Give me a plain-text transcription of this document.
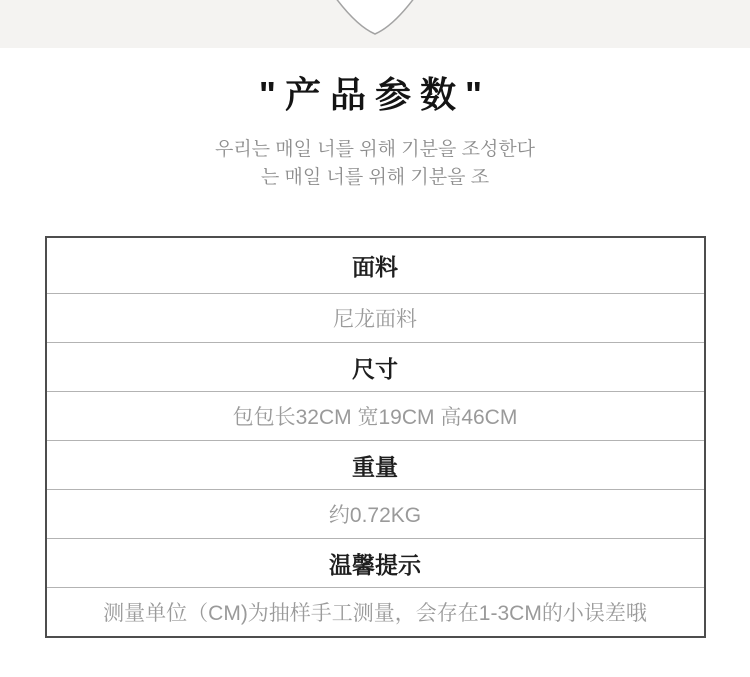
"产品参数"
우리는 매일 너를 위해 기분을 조성한다
는 매일 너를 위해 기분을 조
面料
尼龙面料
尺寸
包包长32CM 宽19CM 高46CM
重量
约0.72KG
温馨提示
测量单位（CM)为抽样手工测量，会存在1-3CM的小误差哦
